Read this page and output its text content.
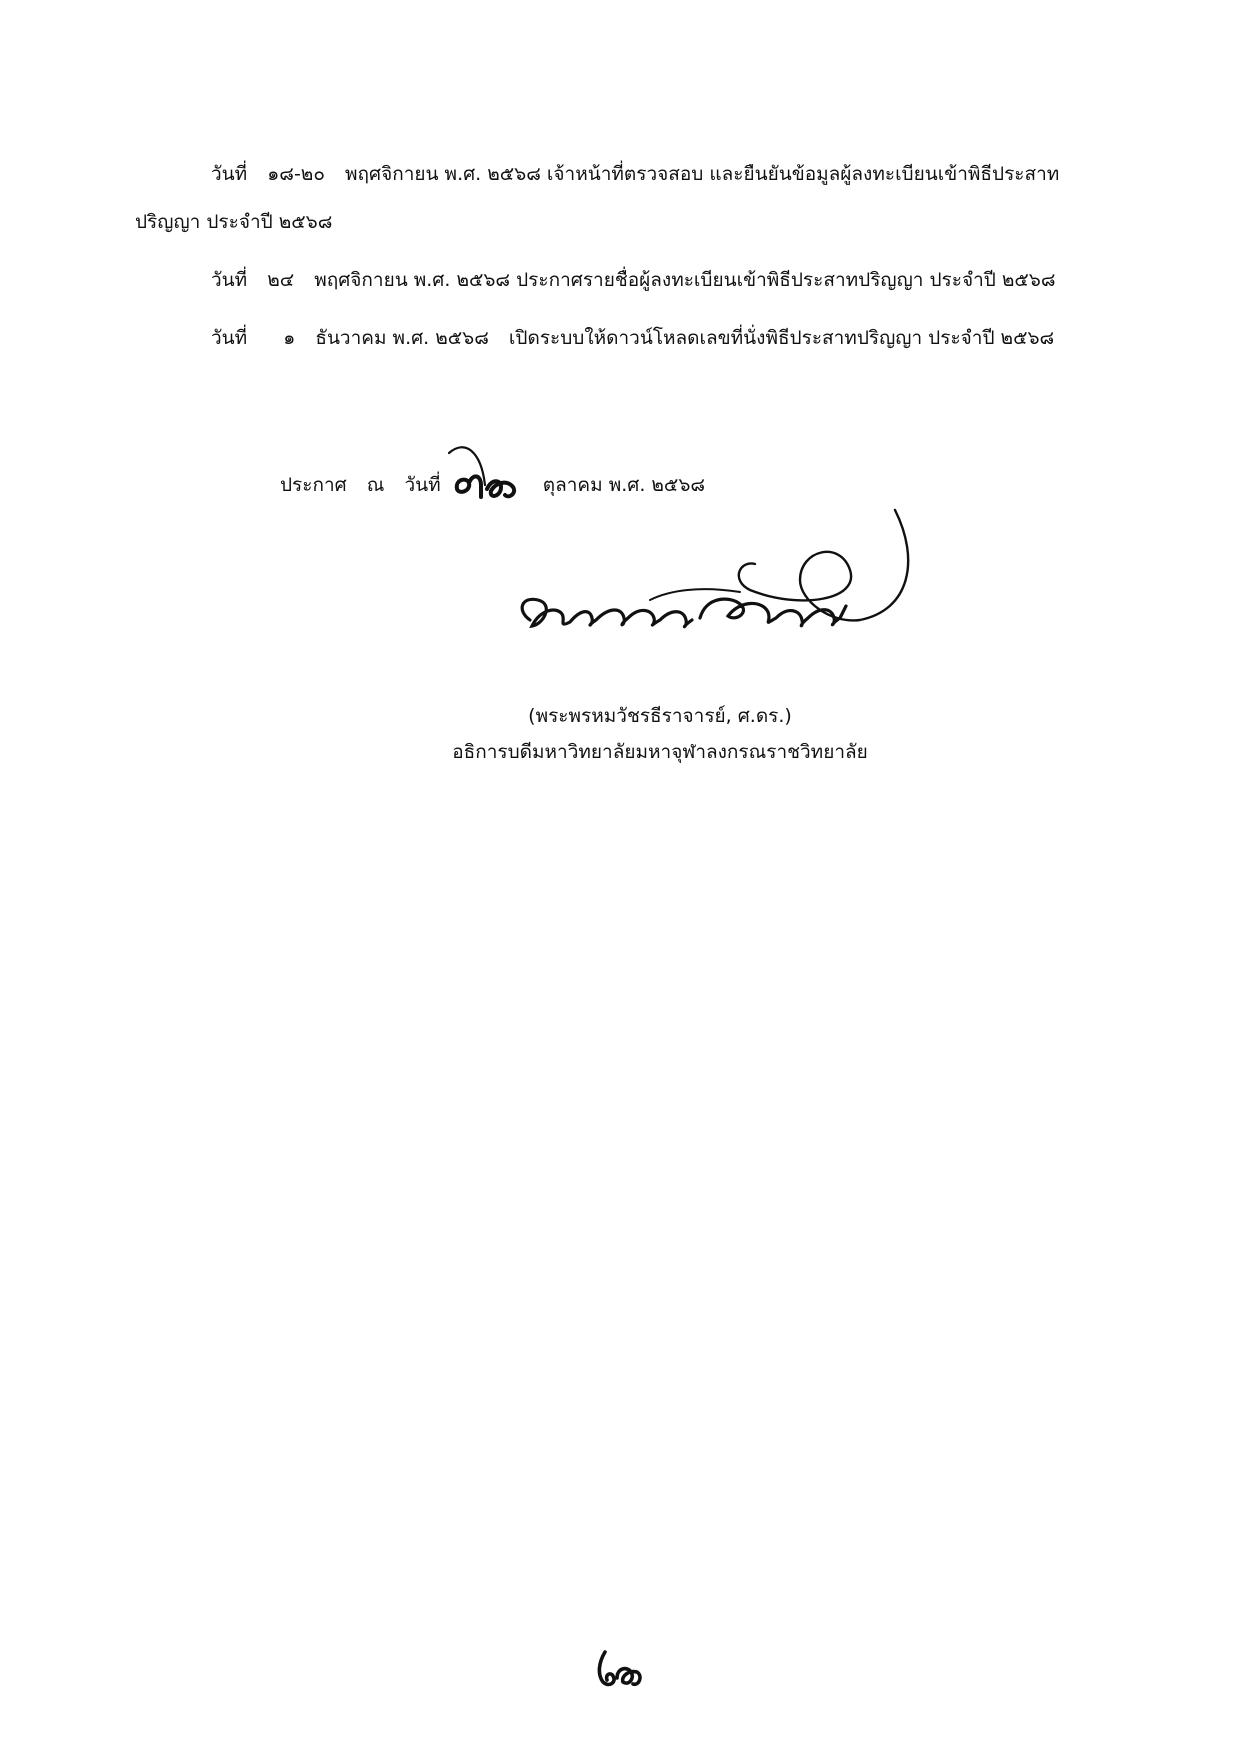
วันที่ ๑๘-๒๐ พฤศจิกายน พ.ศ. ๒๕๖๘ เจ้าหน้าที่ตรวจสอบ และยืนยันข้อมูลผู้ลงทะเบียนเข้าพิธีประสาท
ปริญญา ประจำปี ๒๕๖๘
วันที่ ๒๔ พฤศจิกายน พ.ศ. ๒๕๖๘ ประกาศรายชื่อผู้ลงทะเบียนเข้าพิธีประสาทปริญญา ประจำปี ๒๕๖๘
วันที่ ๑ ธันวาคม พ.ศ. ๒๕๖๘ เปิดระบบให้ดาวน์โหลดเลขที่นั่งพิธีประสาทปริญญา ประจำปี ๒๕๖๘
ประกาศ ณ วันที่	ตุลาคม พ.ศ. ๒๕๖๘
(พระพรหมวัชรธีราจารย์, ศ.ดร.)
อธิการบดีมหาวิทยาลัยมหาจุฬาลงกรณราชวิทยาลัย
